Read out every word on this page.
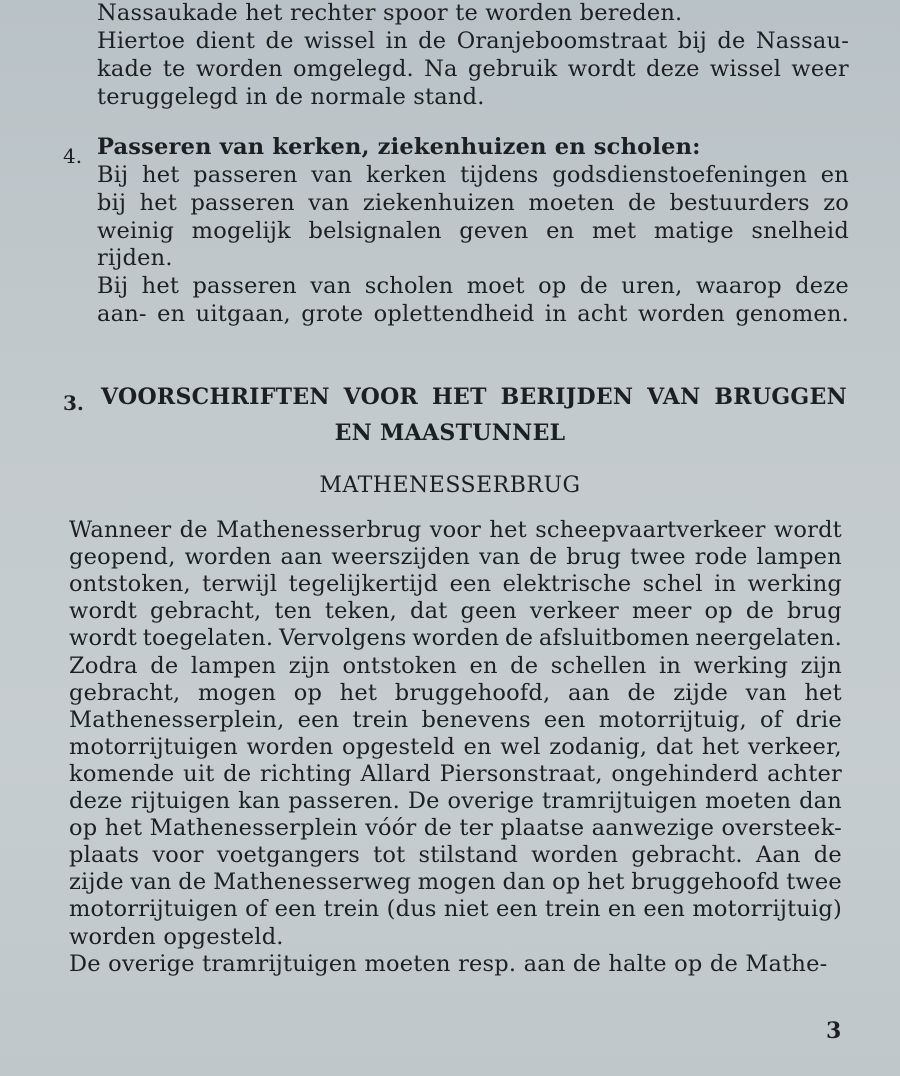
Nassaukade het rechter spoor te worden bereden.
Hiertoe dient de wissel in de Oranjeboomstraat bij de Nassau-
kade te worden omgelegd. Na gebruik wordt deze wissel weer
teruggelegd in de normale stand.
4. Passeren van kerken, ziekenhuizen en scholen:
Bij het passeren van kerken tijdens godsdienstoefeningen en
bij het passeren van ziekenhuizen moeten de bestuurders zo
weinig mogelijk belsignalen geven en met matige snelheid
rijden.
Bij het passeren van scholen moet op de uren, waarop deze
aan- en uitgaan, grote oplettendheid in acht worden genomen.
3. VOORSCHRIFTEN VOOR HET BERIJDEN VAN BRUGGEN
EN MAASTUNNEL
MATHENESSERBRUG
Wanneer de Mathenesserbrug voor het scheepvaartverkeer wordt
geopend, worden aan weerszijden van de brug twee rode lampen
ontstoken, terwijl tegelijkertijd een elektrische schel in werking
wordt gebracht, ten teken, dat geen verkeer meer op de brug
wordt toegelaten. Vervolgens worden de afsluitbomen neergelaten.
Zodra de lampen zijn ontstoken en de schellen in werking zijn
gebracht, mogen op het bruggehoofd, aan de zijde van het
Mathenesserplein, een trein benevens een motorrijtuig, of drie
motorrijtuigen worden opgesteld en wel zodanig, dat het verkeer,
komende uit de richting Allard Piersonstraat, ongehinderd achter
deze rijtuigen kan passeren. De overige tramrijtuigen moeten dan
op het Mathenesserplein vóór de ter plaatse aanwezige oversteek-
plaats voor voetgangers tot stilstand worden gebracht. Aan de
zijde van de Mathenesserweg mogen dan op het bruggehoofd twee
motorrijtuigen of een trein (dus niet een trein en een motorrijtuig)
worden opgesteld.
De overige tramrijtuigen moeten resp. aan de halte op de Mathe-
3
